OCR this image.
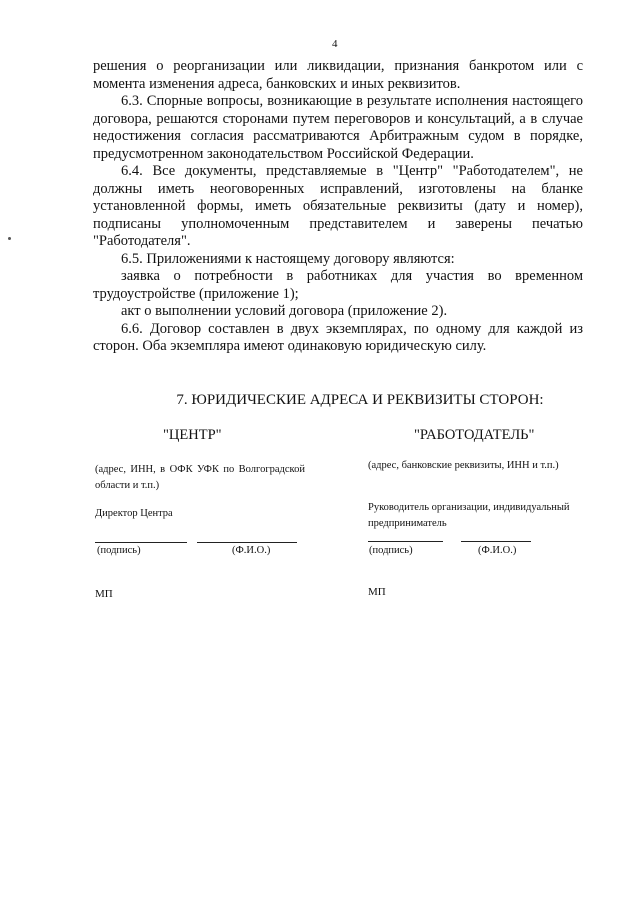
4

решения о реорганизации или ликвидации, признания банкротом или с момента изменения адреса, банковских и иных реквизитов.

6.3. Спорные вопросы, возникающие в результате исполнения настоящего договора, решаются сторонами путем переговоров и консультаций, а в случае недостижения согласия рассматриваются Арбитражным судом в порядке, предусмотренном законодательством Российской Федерации.

6.4. Все документы, представляемые в "Центр" "Работодателем", не должны иметь неоговоренных исправлений, изготовлены на бланке установленной формы, иметь обязательные реквизиты (дату и номер), подписаны уполномоченным представителем и заверены печатью "Работодателя".

6.5. Приложениями к настоящему договору являются:

заявка о потребности в работниках для участия во временном трудоустройстве (приложение 1);

акт о выполнении условий договора (приложение 2).

6.6. Договор составлен в двух экземплярах, по одному для каждой из сторон. Оба экземпляра имеют одинаковую юридическую силу.

7. ЮРИДИЧЕСКИЕ АДРЕСА И РЕКВИЗИТЫ СТОРОН:
"ЦЕНТР"
(адрес, ИНН, в ОФК УФК по Волгоградской области и т.п.)
Директор Центра
(подпись)	(Ф.И.О.)
МП
"РАБОТОДАТЕЛЬ"
(адрес, банковские реквизиты, ИНН и т.п.)
Руководитель организации, индивидуальный предприниматель
(подпись)	(Ф.И.О.)
МП
